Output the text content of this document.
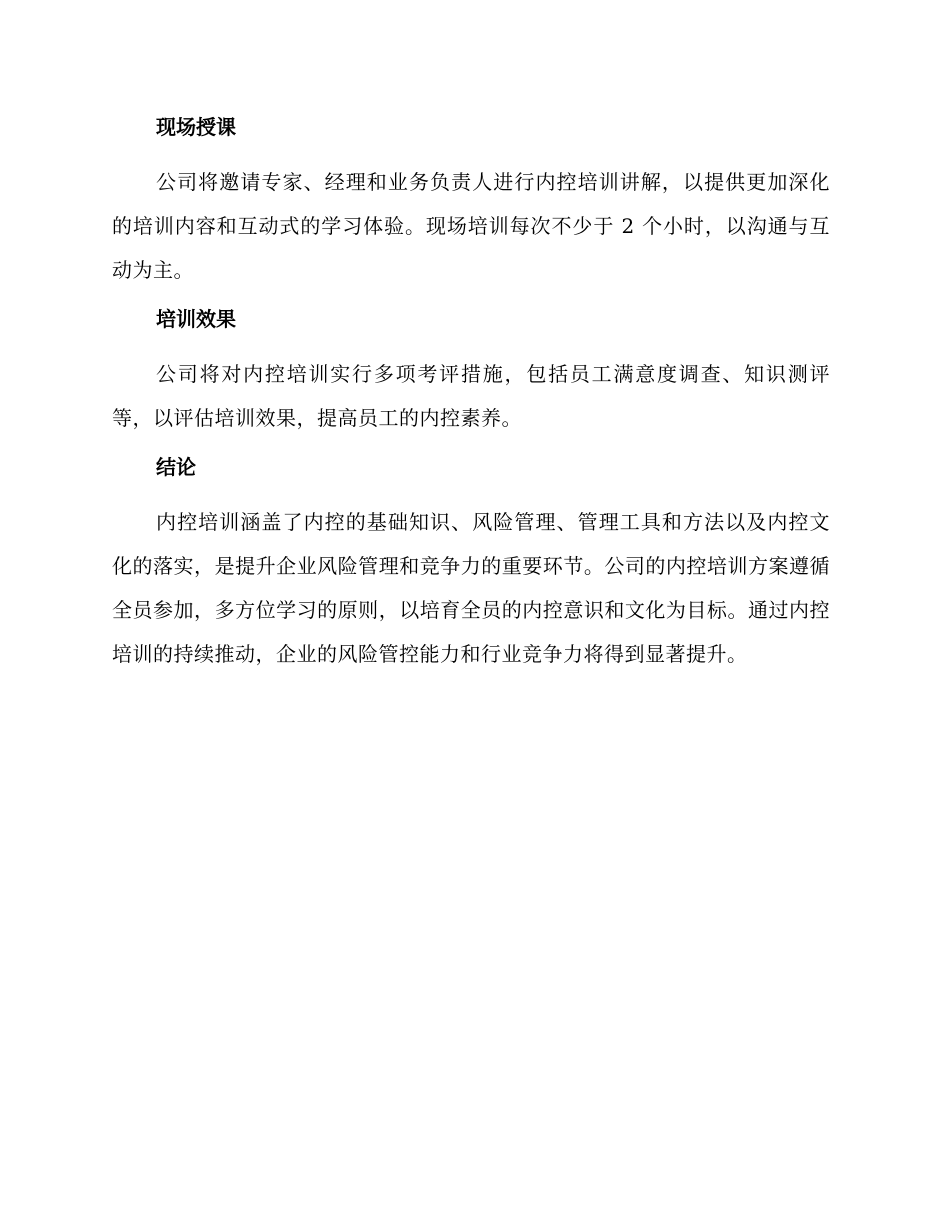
现场授课

公司将邀请专家、经理和业务负责人进行内控培训讲解，以提供更加深化的培训内容和互动式的学习体验。现场培训每次不少于 2 个小时，以沟通与互动为主。

培训效果

公司将对内控培训实行多项考评措施，包括员工满意度调查、知识测评等，以评估培训效果，提高员工的内控素养。

结论

内控培训涵盖了内控的基础知识、风险管理、管理工具和方法以及内控文化的落实，是提升企业风险管理和竞争力的重要环节。公司的内控培训方案遵循全员参加，多方位学习的原则，以培育全员的内控意识和文化为目标。通过内控培训的持续推动，企业的风险管控能力和行业竞争力将得到显著提升。
